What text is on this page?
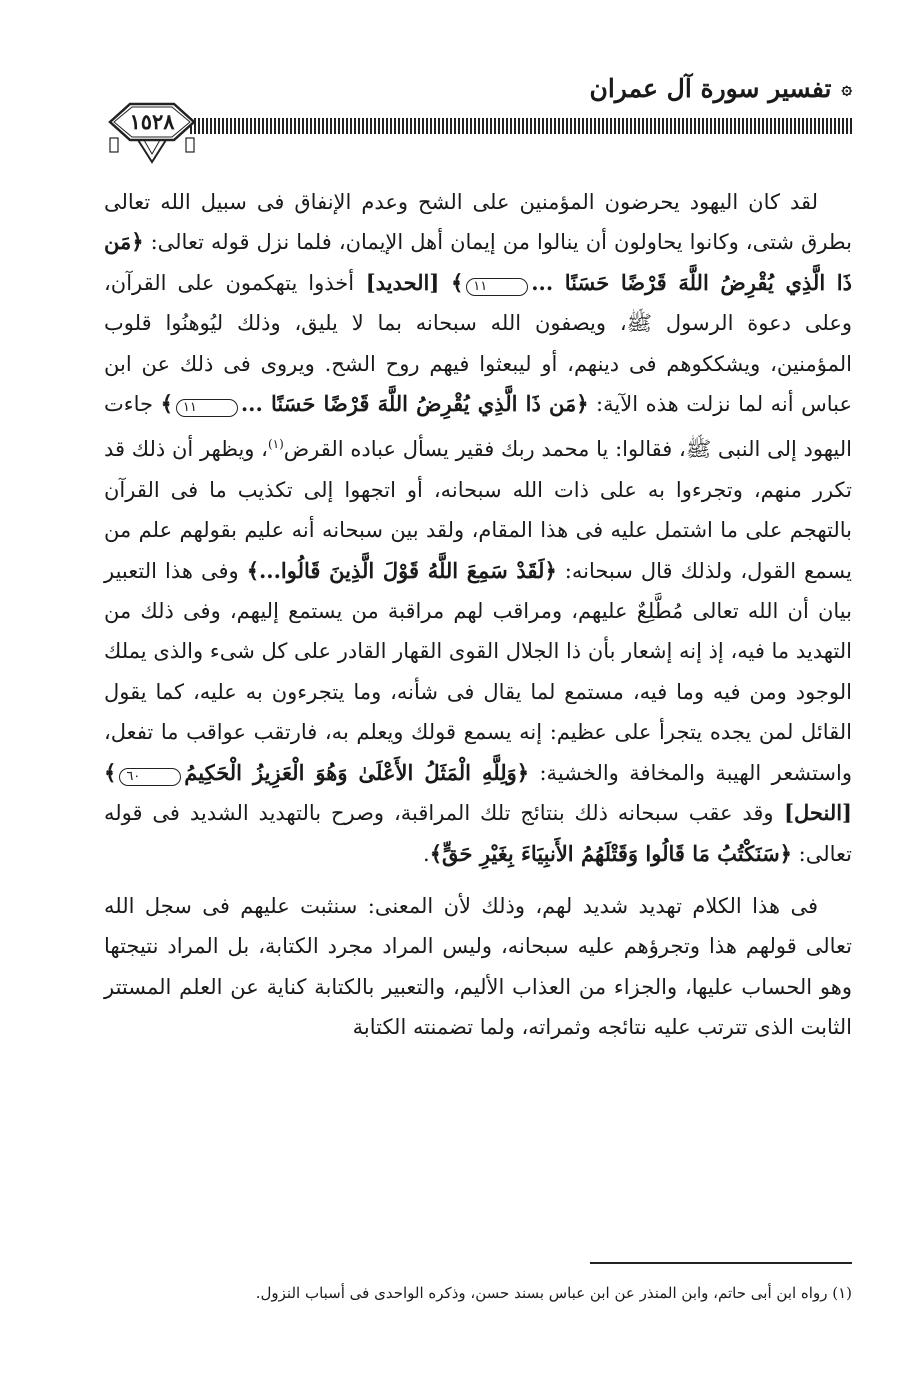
۞
تفسير سورة آل عمران
١٥٢٨

لقد كان اليهود يحرضون المؤمنين على الشح وعدم الإنفاق فى سبيل الله تعالى بطرق شتى، وكانوا يحاولون أن ينالوا من إيمان أهل الإيمان، فلما نزل قوله تعالى: ﴿مَن ذَا الَّذِي يُقْرِضُ اللَّهَ قَرْضًا حَسَنًا ...١١﴾ [الحديد] أخذوا يتهكمون على القرآن، وعلى دعوة الرسول ﷺ، ويصفون الله سبحانه بما لا يليق، وذلك ليُوهنُوا قلوب المؤمنين، ويشككوهم فى دينهم، أو ليبعثوا فيهم روح الشح. ويروى فى ذلك عن ابن عباس أنه لما نزلت هذه الآية: ﴿مَن ذَا الَّذِي يُقْرِضُ اللَّهَ قَرْضًا حَسَنًا ...١١﴾ جاءت اليهود إلى النبى ﷺ، فقالوا: يا محمد ربك فقير يسأل عباده القرض$^{(١)}$، ويظهر أن ذلك قد تكرر منهم، وتجرءوا به على ذات الله سبحانه، أو اتجهوا إلى تكذيب ما فى القرآن بالتهجم على ما اشتمل عليه فى هذا المقام، ولقد بين سبحانه أنه عليم بقولهم علم من يسمع القول، ولذلك قال سبحانه: ﴿لَقَدْ سَمِعَ اللَّهُ قَوْلَ الَّذِينَ قَالُوا...﴾ وفى هذا التعبير بيان أن الله تعالى مُطَّلِعٌ عليهم، ومراقب لهم مراقبة من يستمع إليهم، وفى ذلك من التهديد ما فيه، إذ إنه إشعار بأن ذا الجلال القوى القهار القادر على كل شىء والذى يملك الوجود ومن فيه وما فيه، مستمع لما يقال فى شأنه، وما يتجرءون به عليه، كما يقول القائل لمن يجده يتجرأ على عظيم: إنه يسمع قولك ويعلم به، فارتقب عواقب ما تفعل، واستشعر الهيبة والمخافة والخشية: ﴿وَلِلَّهِ الْمَثَلُ الأَعْلَىٰ وَهُوَ الْعَزِيزُ الْحَكِيمُ٦٠﴾ [النحل] وقد عقب سبحانه ذلك بنتائج تلك المراقبة، وصرح بالتهديد الشديد فى قوله تعالى: ﴿سَنَكْتُبُ مَا قَالُوا وَقَتْلَهُمُ الأَنبِيَاءَ بِغَيْرِ حَقٍّ﴾.

فى هذا الكلام تهديد شديد لهم، وذلك لأن المعنى: سنثبت عليهم فى سجل الله تعالى قولهم هذا وتجرؤهم عليه سبحانه، وليس المراد مجرد الكتابة، بل المراد نتيجتها وهو الحساب عليها، والجزاء من العذاب الأليم، والتعبير بالكتابة كناية عن العلم المستتر الثابت الذى تترتب عليه نتائجه وثمراته، ولما تضمنته الكتابة

(١) رواه ابن أبى حاتم، وابن المنذر عن ابن عباس بسند حسن، وذكره الواحدى فى أسباب النزول.
